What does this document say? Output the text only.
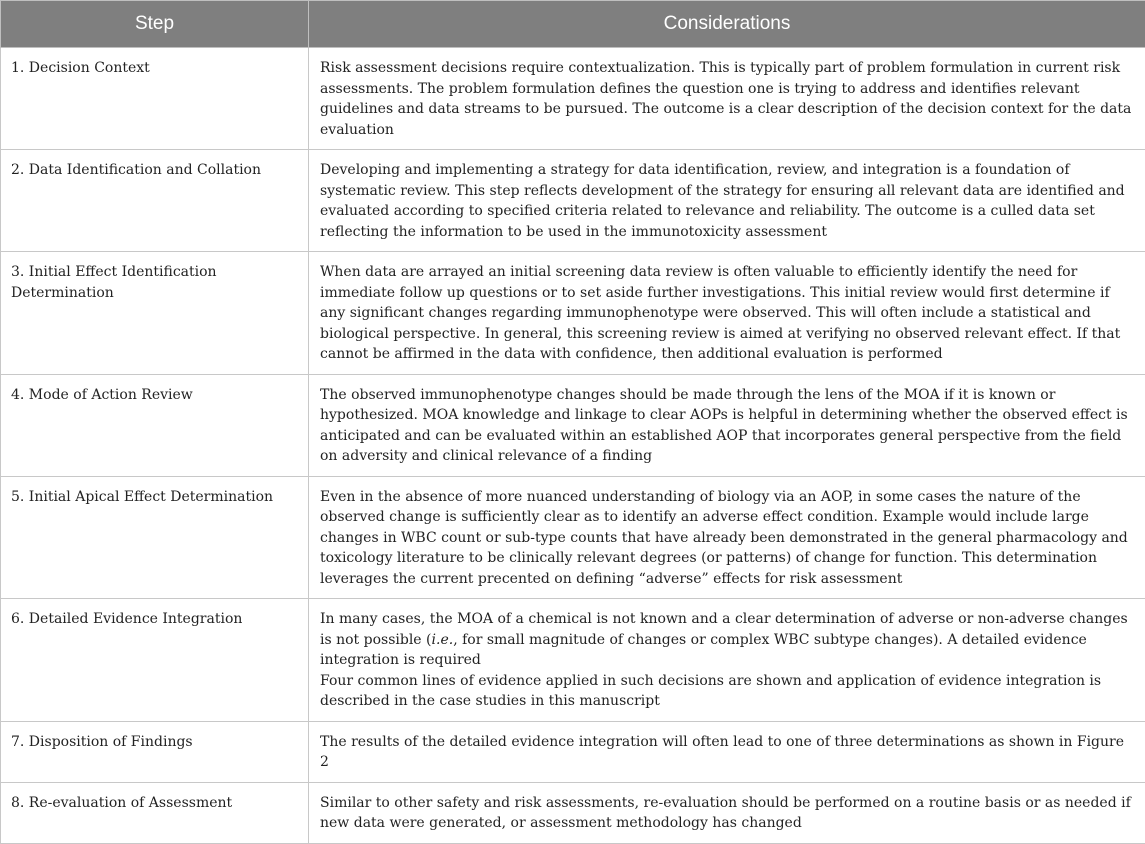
Step	Considerations
1. Decision Context	Risk assessment decisions require contextualization. This is typically part of problem formulation in current risk assessments. The problem formulation defines the question one is trying to address and identifies relevant guidelines and data streams to be pursued. The outcome is a clear description of the decision context for the data evaluation
2. Data Identification and Collation	Developing and implementing a strategy for data identification, review, and integration is a foundation of systematic review. This step reflects development of the strategy for ensuring all relevant data are identified and evaluated according to specified criteria related to relevance and reliability. The outcome is a culled data set reflecting the information to be used in the immunotoxicity assessment
3. Initial Effect Identification Determination	When data are arrayed an initial screening data review is often valuable to efficiently identify the need for immediate follow up questions or to set aside further investigations. This initial review would first determine if any significant changes regarding immunophenotype were observed. This will often include a statistical and biological perspective. In general, this screening review is aimed at verifying no observed relevant effect. If that cannot be affirmed in the data with confidence, then additional evaluation is performed
4. Mode of Action Review	The observed immunophenotype changes should be made through the lens of the MOA if it is known or hypothesized. MOA knowledge and linkage to clear AOPs is helpful in determining whether the observed effect is anticipated and can be evaluated within an established AOP that incorporates general perspective from the field on adversity and clinical relevance of a finding
5. Initial Apical Effect Determination	Even in the absence of more nuanced understanding of biology via an AOP, in some cases the nature of the observed change is sufficiently clear as to identify an adverse effect condition. Example would include large changes in WBC count or sub-type counts that have already been demonstrated in the general pharmacology and toxicology literature to be clinically relevant degrees (or patterns) of change for function. This determination leverages the current precented on defining “adverse” effects for risk assessment
6. Detailed Evidence Integration	In many cases, the MOA of a chemical is not known and a clear determination of adverse or non-adverse changes is not possible (i.e., for small magnitude of changes or complex WBC subtype changes). A detailed evidence integration is required
Four common lines of evidence applied in such decisions are shown and application of evidence integration is described in the case studies in this manuscript

7. Disposition of Findings	The results of the detailed evidence integration will often lead to one of three determinations as shown in Figure 2
8. Re-evaluation of Assessment	Similar to other safety and risk assessments, re-evaluation should be performed on a routine basis or as needed if new data were generated, or assessment methodology has changed
